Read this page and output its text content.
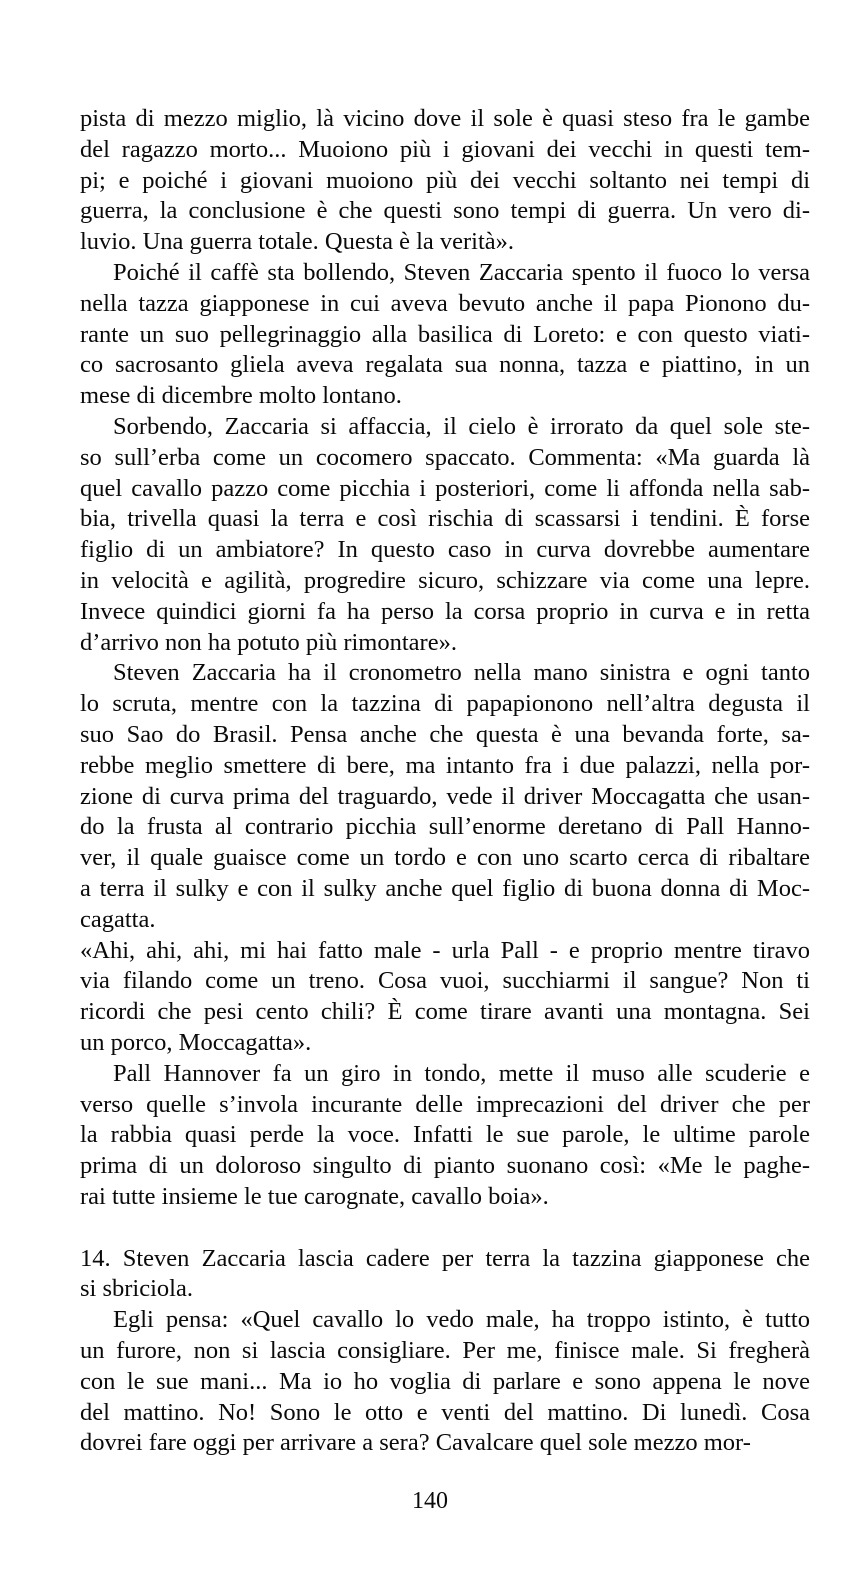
pista di mezzo miglio, là vicino dove il sole è quasi steso fra le gambe
del ragazzo morto... Muoiono più i giovani dei vecchi in questi tem-
pi; e poiché i giovani muoiono più dei vecchi soltanto nei tempi di
guerra, la conclusione è che questi sono tempi di guerra. Un vero di-
luvio. Una guerra totale. Questa è la verità».

Poiché il caffè sta bollendo, Steven Zaccaria spento il fuoco lo versa
nella tazza giapponese in cui aveva bevuto anche il papa Pionono du-
rante un suo pellegrinaggio alla basilica di Loreto: e con questo viati-
co sacrosanto gliela aveva regalata sua nonna, tazza e piattino, in un
mese di dicembre molto lontano.

Sorbendo, Zaccaria si affaccia, il cielo è irrorato da quel sole ste-
so sull’erba come un cocomero spaccato. Commenta: «Ma guarda là
quel cavallo pazzo come picchia i posteriori, come li affonda nella sab-
bia, trivella quasi la terra e così rischia di scassarsi i tendini. È forse
figlio di un ambiatore? In questo caso in curva dovrebbe aumentare
in velocità e agilità, progredire sicuro, schizzare via come una lepre.
Invece quindici giorni fa ha perso la corsa proprio in curva e in retta
d’arrivo non ha potuto più rimontare».

Steven Zaccaria ha il cronometro nella mano sinistra e ogni tanto
lo scruta, mentre con la tazzina di papapionono nell’altra degusta il
suo Sao do Brasil. Pensa anche che questa è una bevanda forte, sa-
rebbe meglio smettere di bere, ma intanto fra i due palazzi, nella por-
zione di curva prima del traguardo, vede il driver Moccagatta che usan-
do la frusta al contrario picchia sull’enorme deretano di Pall Hanno-
ver, il quale guaisce come un tordo e con uno scarto cerca di ribaltare
a terra il sulky e con il sulky anche quel figlio di buona donna di Moc-
cagatta.

«Ahi, ahi, ahi, mi hai fatto male - urla Pall - e proprio mentre tiravo
via filando come un treno. Cosa vuoi, succhiarmi il sangue? Non ti
ricordi che pesi cento chili? È come tirare avanti una montagna. Sei
un porco, Moccagatta».

Pall Hannover fa un giro in tondo, mette il muso alle scuderie e
verso quelle s’invola incurante delle imprecazioni del driver che per
la rabbia quasi perde la voce. Infatti le sue parole, le ultime parole
prima di un doloroso singulto di pianto suonano così: «Me le paghe-
rai tutte insieme le tue carognate, cavallo boia».

14. Steven Zaccaria lascia cadere per terra la tazzina giapponese che
si sbriciola.

Egli pensa: «Quel cavallo lo vedo male, ha troppo istinto, è tutto
un furore, non si lascia consigliare. Per me, finisce male. Si fregherà
con le sue mani... Ma io ho voglia di parlare e sono appena le nove
del mattino. No! Sono le otto e venti del mattino. Di lunedì. Cosa
dovrei fare oggi per arrivare a sera? Cavalcare quel sole mezzo mor-

140
